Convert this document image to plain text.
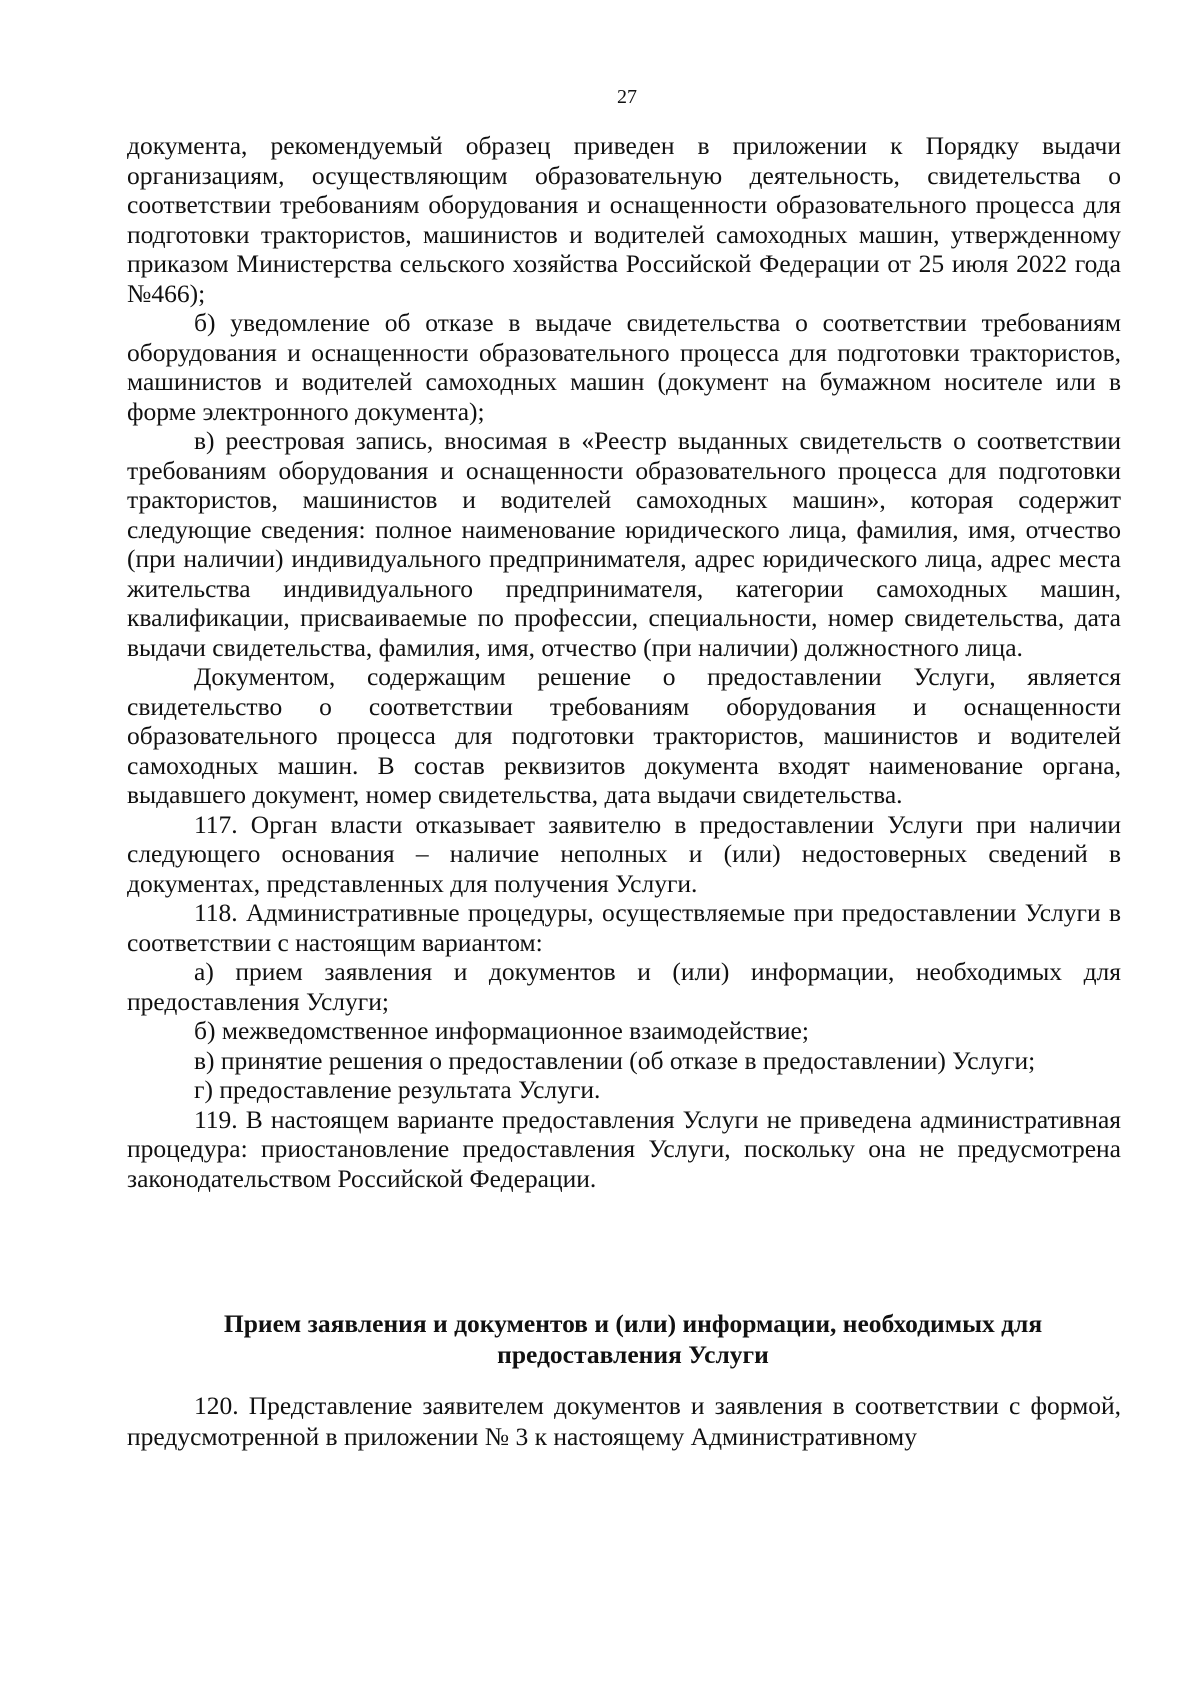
27

документа, рекомендуемый образец приведен в приложении к Порядку выдачи организациям, осуществляющим образовательную деятельность, свидетельства о соответствии требованиям оборудования и оснащенности образовательного процесса для подготовки трактористов, машинистов и водителей самоходных машин, утвержденному приказом Министерства сельского хозяйства Российской Федерации от 25 июля 2022 года №466);

б) уведомление об отказе в выдаче свидетельства о соответствии требованиям оборудования и оснащенности образовательного процесса для подготовки трактористов, машинистов и водителей самоходных машин (документ на бумажном носителе или в форме электронного документа);

в) реестровая запись, вносимая в «Реестр выданных свидетельств о соответствии требованиям оборудования и оснащенности образовательного процесса для подготовки трактористов, машинистов и водителей самоходных машин», которая содержит следующие сведения: полное наименование юридического лица, фамилия, имя, отчество (при наличии) индивидуального предпринимателя, адрес юридического лица, адрес места жительства индивидуального предпринимателя, категории самоходных машин, квалификации, присваиваемые по профессии, специальности, номер свидетельства, дата выдачи свидетельства, фамилия, имя, отчество (при наличии) должностного лица.

Документом, содержащим решение о предоставлении Услуги, является свидетельство о соответствии требованиям оборудования и оснащенности образовательного процесса для подготовки трактористов, машинистов и водителей самоходных машин. В состав реквизитов документа входят наименование органа, выдавшего документ, номер свидетельства, дата выдачи свидетельства.

117. Орган власти отказывает заявителю в предоставлении Услуги при наличии следующего основания – наличие неполных и (или) недостоверных сведений в документах, представленных для получения Услуги.

118. Административные процедуры, осуществляемые при предоставлении Услуги в соответствии с настоящим вариантом:

а) прием заявления и документов и (или) информации, необходимых для предоставления Услуги;

б) межведомственное информационное взаимодействие;

в) принятие решения о предоставлении (об отказе в предоставлении) Услуги;

г) предоставление результата Услуги.

119. В настоящем варианте предоставления Услуги не приведена административная процедура: приостановление предоставления Услуги, поскольку она не предусмотрена законодательством Российской Федерации.

Прием заявления и документов и (или) информации, необходимых для предоставления Услуги

120. Представление заявителем документов и заявления в соответствии с формой, предусмотренной в приложении № 3 к настоящему Административному
